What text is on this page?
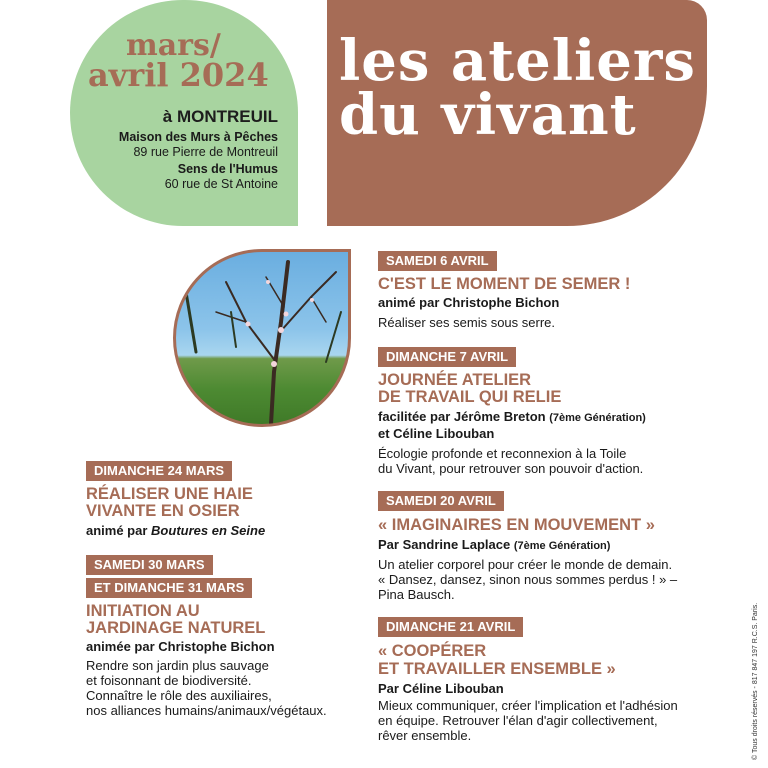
mars/
avril 2024
à MONTREUIL
Maison des Murs à Pêches
89 rue Pierre de Montreuil
Sens de l'Humus
60 rue de St Antoine
les ateliers
du vivant
DIMANCHE 24 MARS
RÉALISER UNE HAIE
VIVANTE EN OSIER
animé par Boutures en Seine
SAMEDI 30 MARS
ET DIMANCHE 31 MARS
INITIATION AU
JARDINAGE NATUREL
animée par Christophe Bichon
Rendre son jardin plus sauvage
et foisonnant de biodiversité.
Connaître le rôle des auxiliaires,
nos alliances humains/animaux/végétaux.
SAMEDI 6 AVRIL
C'EST LE MOMENT DE SEMER !
animé par Christophe Bichon
Réaliser ses semis sous serre.
DIMANCHE 7 AVRIL
JOURNÉE ATELIER
DE TRAVAIL QUI RELIE
facilitée par Jérôme Breton (7ème Génération)
et Céline Libouban
Écologie profonde et reconnexion à la Toile
du Vivant, pour retrouver son pouvoir d'action.
SAMEDI 20 AVRIL
« IMAGINAIRES EN MOUVEMENT »
Par Sandrine Laplace (7ème Génération)
Un atelier corporel pour créer le monde de demain.
« Dansez, dansez, sinon nous sommes perdus ! » –
Pina Bausch.
DIMANCHE 21 AVRIL
« COOPÉRER
ET TRAVAILLER ENSEMBLE »
Par Céline Libouban
Mieux communiquer, créer l'implication et l'adhésion
en équipe. Retrouver l'élan d'agir collectivement,
rêver ensemble.	© Tous droits réservés - 817 847 197 R.C.S. Paris.
